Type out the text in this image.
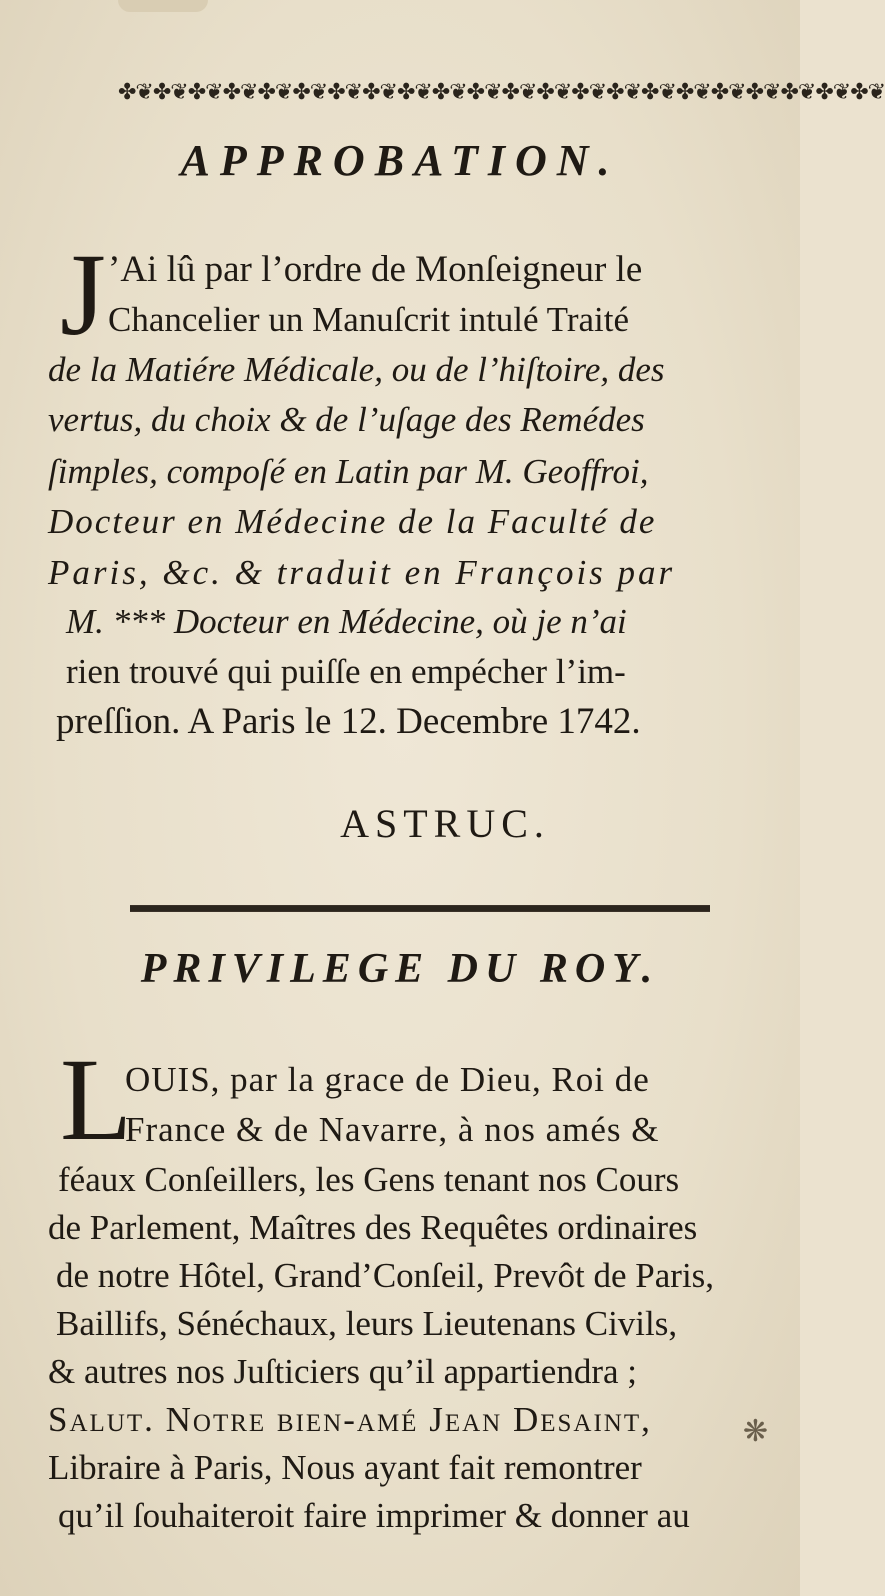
✤❦✤❦✤❦✤❦✤❦✤❦✤❦✤❦✤❦✤❦✤❦✤❦✤❦✤❦✤❦✤❦✤❦✤❦✤❦✤❦✤❦✤❦
APPROBATION.
J ’Ai lû par l’ordre de Monſeigneur le
Chancelier un Manuſcrit intulé Traité
de la Matiére Médicale, ou de l’hiſtoire, des
vertus, du choix & de l’uſage des Remédes
ſimples, compoſé en Latin par M. Geoffroi,
Docteur en Médecine de la Faculté de
Paris, &c. & traduit en François par
M. *** Docteur en Médecine, où je n’ai
rien trouvé qui puiſſe en empécher l’im-
preſſion. A Paris le 12. Decembre 1742.
ASTRUC.
PRIVILEGE DU ROY.
L
OUIS, par la grace de Dieu, Roi de
France & de Navarre, à nos amés &
féaux Conſeillers, les Gens tenant nos Cours
de Parlement, Maîtres des Requêtes ordinaires
de notre Hôtel, Grand’Conſeil, Prevôt de Paris,
Baillifs, Sénéchaux, leurs Lieutenans Civils,
& autres nos Juſticiers qu’il appartiendra ;
Salut. Notre bien-amé Jean Desaint,
Libraire à Paris, Nous ayant fait remontrer
qu’il ſouhaiteroit faire imprimer & donner au
❋
